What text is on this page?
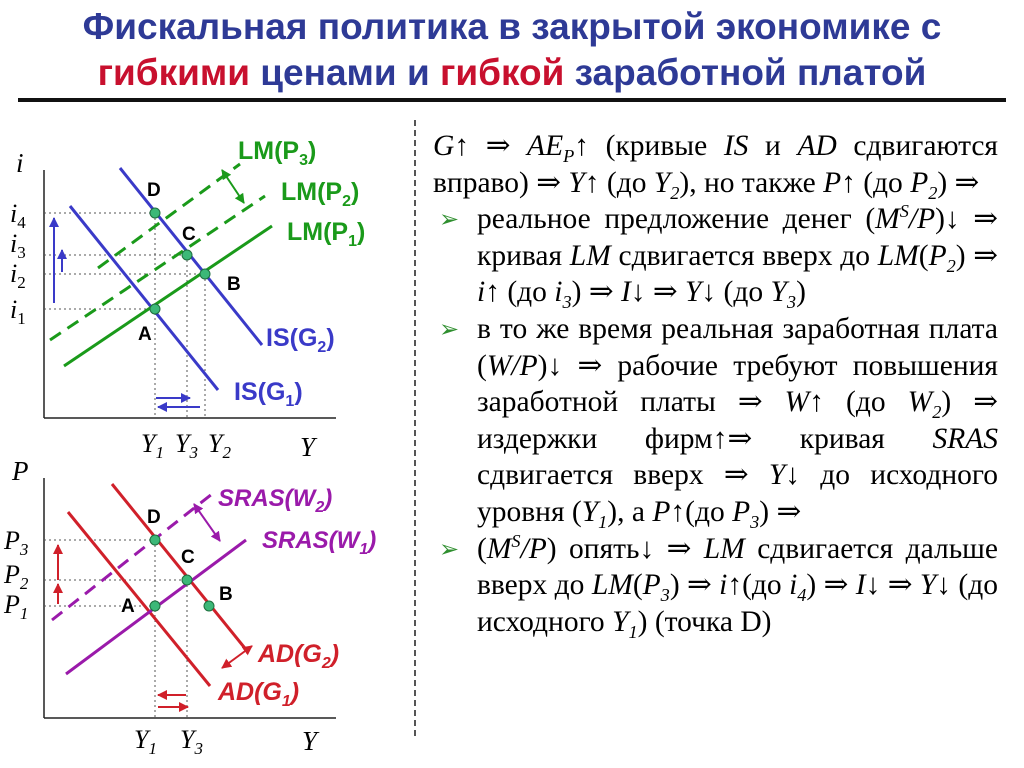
Фискальная политика в закрытой экономике с
гибкими ценами и гибкой заработной платой
i
Y
A
B
C
D
$i_4$
$i_3$
$i_2$
$i_1$
$Y_1$ $Y_3$ $Y_2$
$LM(P_3)$
$LM(P_2)$
$LM(P_1)$
$IS(G_2)$
$IS(G_1)$
P
Y
A
B
C
D
$P_3$
$P_2$
$P_1$
$Y_1$ $Y_3$
$SRAS(W_2)$
$SRAS(W_1)$
$AD(G_2)$
$AD(G_1)$

G↑ ⇒ $AE_P↑$ (кривые IS и AD сдвигаются вправо) ⇒ Y↑ (до $Y_2$), но также P↑ (до $P_2$) ⇒

➢ реальное предложение денег $(M^S/P)↓$ ⇒ кривая LM сдвигается вверх до $LM(P_2)$ ⇒ i↑ (до $i_3$) ⇒ I↓ ⇒ Y↓ (до $Y_3$)

➢ в то же время реальная заработная плата (W/P)↓ ⇒ рабочие требуют повышения заработной платы ⇒ W↑ (до $W_2$) ⇒ издержки фирм↑⇒ кривая SRAS сдвигается вверх ⇒ Y↓ до исходного уровня $(Y_1)$, а P↑(до $P_3$) ⇒

➢ $(M^S/P)$ опять↓ ⇒ LM сдвигается дальше вверх до $LM(P_3)$ ⇒ i↑(до $i_4$) ⇒ I↓ ⇒ Y↓ (до исходного $Y_1$) (точка D)
